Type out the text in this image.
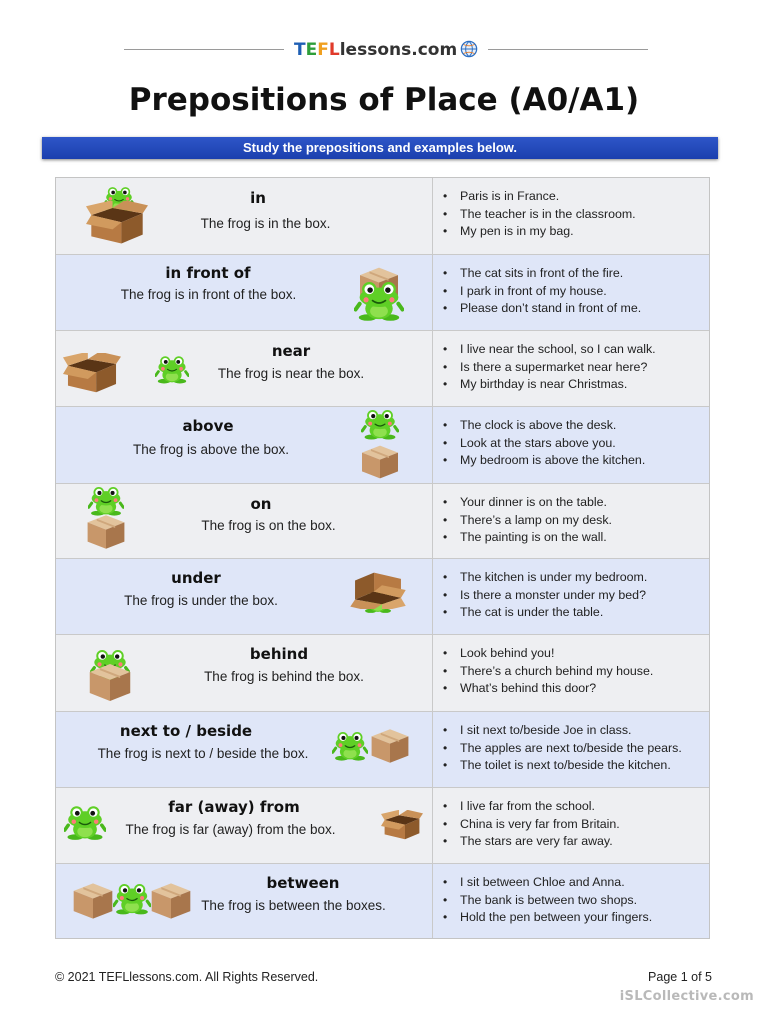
TEFLlessons.com
Prepositions of Place (A0/A1)
Study the prepositions and examples below.
in
The frog is in the box.
• Paris is in France.
• The teacher is in the classroom.
• My pen is in my bag.
in front of
The frog is in front of the box.
• The cat sits in front of the fire.
• I park in front of my house.
• Please don’t stand in front of me.
near
The frog is near the box.
• I live near the school, so I can walk.
• Is there a supermarket near here?
• My birthday is near Christmas.
above
The frog is above the box.
• The clock is above the desk.
• Look at the stars above you.
• My bedroom is above the kitchen.
on
The frog is on the box.
• Your dinner is on the table.
• There’s a lamp on my desk.
• The painting is on the wall.
under
The frog is under the box.
• The kitchen is under my bedroom.
• Is there a monster under my bed?
• The cat is under the table.
behind
The frog is behind the box.
• Look behind you!
• There’s a church behind my house.
• What’s behind this door?
next to / beside
The frog is next to / beside the box.
• I sit next to/beside Joe in class.
• The apples are next to/beside the pears.
• The toilet is next to/beside the kitchen.
far (away) from
The frog is far (away) from the box.
• I live far from the school.
• China is very far from Britain.
• The stars are very far away.
between
The frog is between the boxes.
• I sit between Chloe and Anna.
• The bank is between two shops.
• Hold the pen between your fingers.
© 2021 TEFLlessons.com. All Rights Reserved.	Page 1 of 5
iSLCollective.com
